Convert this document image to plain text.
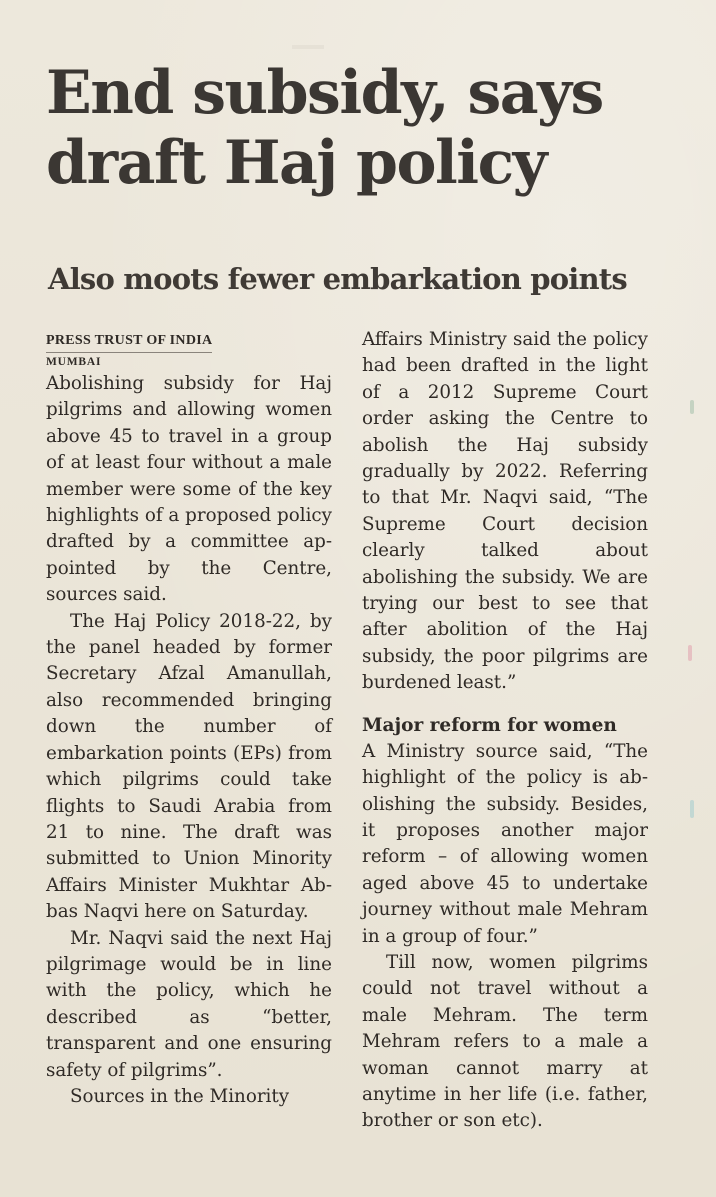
End subsidy, says
draft Haj policy
Also moots fewer embarkation points
PRESS TRUST OF INDIA
MUMBAI

Abolishing subsidy for Haj pilgrims and allowing women above 45 to travel in a group of at least four without a male member were some of the key highlights of a proposed policy drafted by a committee appointed by the Centre, sources said.

The Haj Policy 2018-22, by the panel headed by former Secretary Afzal Amanullah, also recommended bringing down the number of embarkation points (EPs) from which pilgrims could take flights to Saudi Arabia from 21 to nine. The draft was submitted to Union Minority Affairs Minister Mukhtar Abbas Naqvi here on Saturday.

Mr. Naqvi said the next Haj pilgrimage would be in line with the policy, which he described as “better, transparent and one ensuring safety of pilgrims”.

Sources in the Minority

Affairs Ministry said the policy had been drafted in the light of a 2012 Supreme Court order asking the Centre to abolish the Haj subsidy gradually by 2022. Referring to that Mr. Naqvi said, “The Supreme Court decision clearly talked about abolishing the subsidy. We are trying our best to see that after abolition of the Haj subsidy, the poor pilgrims are burdened least.”

Major reform for women

A Ministry source said, “The highlight of the policy is abolishing the subsidy. Besides, it proposes another major reform – of allowing women aged above 45 to undertake journey without male Mehram in a group of four.”

Till now, women pilgrims could not travel without a male Mehram. The term Mehram refers to a male a woman cannot marry at anytime in her life (i.e. father, brother or son etc).
